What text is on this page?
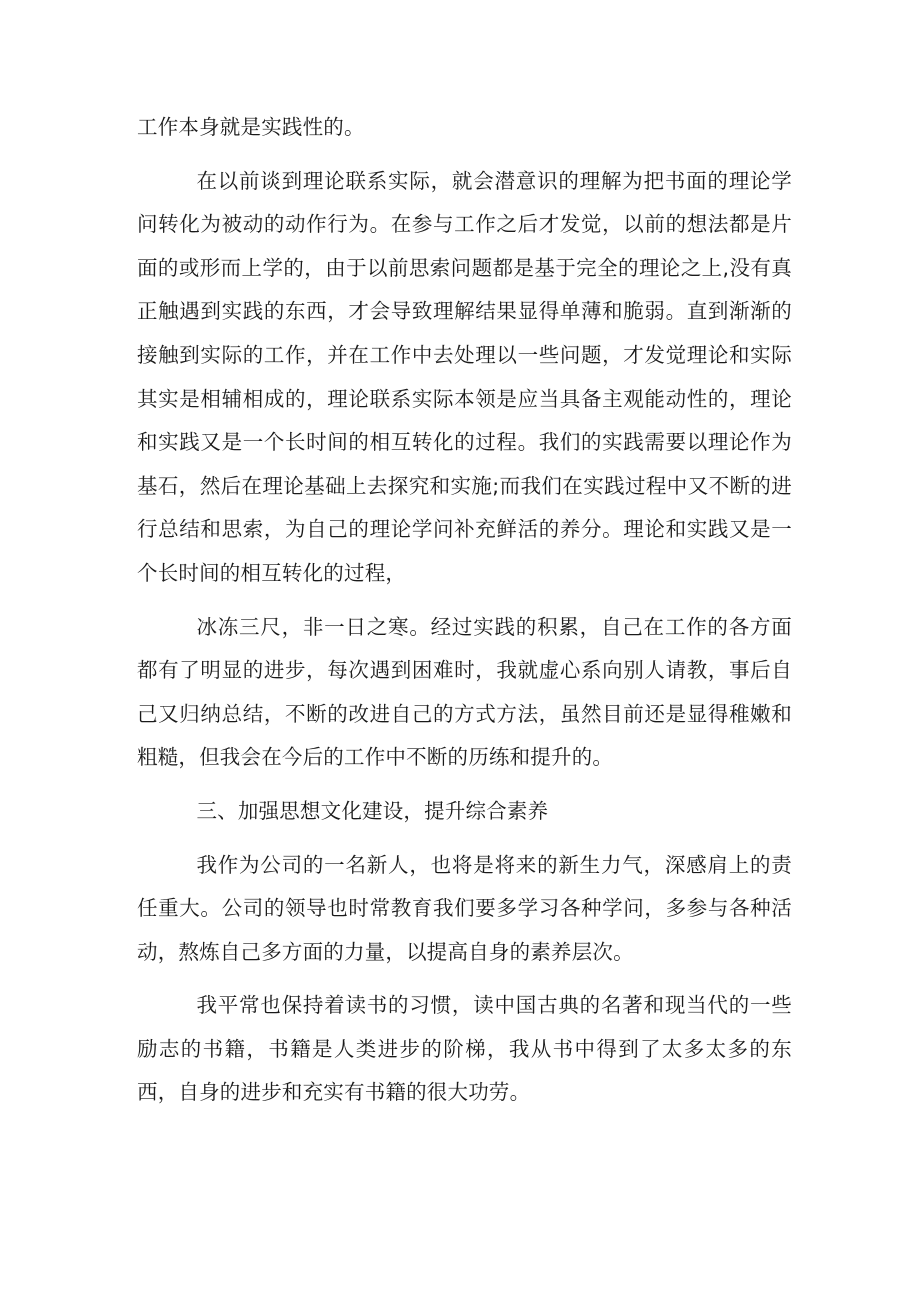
工作本身就是实践性的。

在以前谈到理论联系实际，就会潜意识的理解为把书面的理论学问转化为被动的动作行为。在参与工作之后才发觉，以前的想法都是片面的或形而上学的，由于以前思索问题都是基于完全的理论之上,没有真正触遇到实践的东西，才会导致理解结果显得单薄和脆弱。直到渐渐的接触到实际的工作，并在工作中去处理以一些问题，才发觉理论和实际其实是相辅相成的，理论联系实际本领是应当具备主观能动性的，理论和实践又是一个长时间的相互转化的过程。我们的实践需要以理论作为基石，然后在理论基础上去探究和实施;而我们在实践过程中又不断的进行总结和思索，为自己的理论学问补充鲜活的养分。理论和实践又是一个长时间的相互转化的过程，

冰冻三尺，非一日之寒。经过实践的积累，自己在工作的各方面都有了明显的进步，每次遇到困难时，我就虚心系向别人请教，事后自己又归纳总结，不断的改进自己的方式方法，虽然目前还是显得稚嫩和粗糙，但我会在今后的工作中不断的历练和提升的。

三、加强思想文化建设，提升综合素养

我作为公司的一名新人，也将是将来的新生力气，深感肩上的责任重大。公司的领导也时常教育我们要多学习各种学问，多参与各种活动，熬炼自己多方面的力量，以提高自身的素养层次。

我平常也保持着读书的习惯，读中国古典的名著和现当代的一些励志的书籍，书籍是人类进步的阶梯，我从书中得到了太多太多的东西，自身的进步和充实有书籍的很大功劳。
